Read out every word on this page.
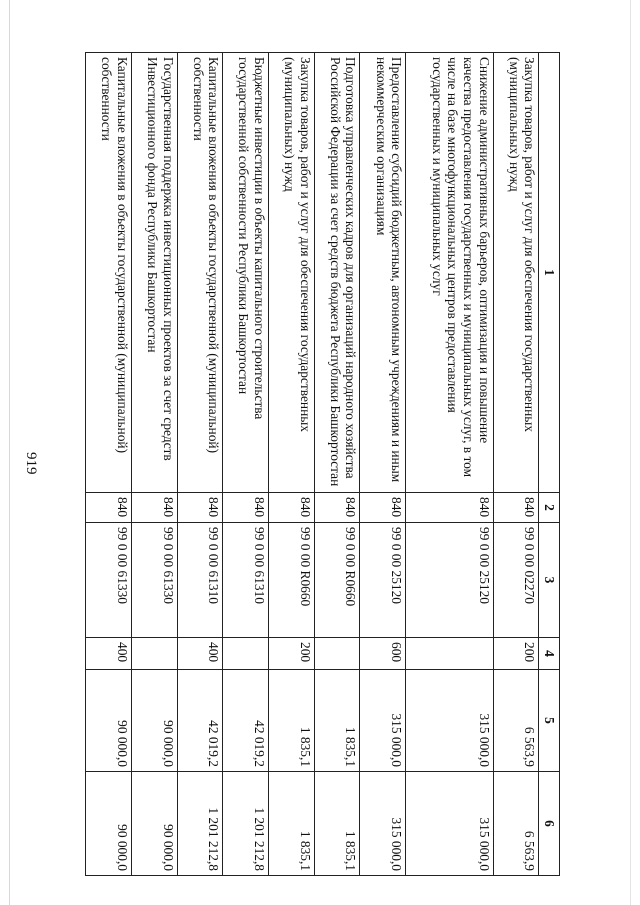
919
1	2	3	4	5	6
Закупка товаров, работ и услуг для обеспечения государственных (муниципальных) нужд	840	99 0 00 02270	200	6 563,9	6 563,9
Снижение административных барьеров, оптимизация и повышение качества предоставления государственных и муниципальных услуг, в том числе на базе многофункциональных центров предоставления государственных и муниципальных услуг	840	99 0 00 25120		315 000,0	315 000,0
Предоставление субсидий бюджетным, автономным учреждениям и иным некоммерческим организациям	840	99 0 00 25120	600	315 000,0	315 000,0
Подготовка управленческих кадров для организаций народного хозяйства Российской Федерации за счет средств бюджета Республики Башкортостан	840	99 0 00 R0660		1 835,1	1 835,1
Закупка товаров, работ и услуг для обеспечения государственных (муниципальных) нужд	840	99 0 00 R0660	200	1 835,1	1 835,1
Бюджетные инвестиции в объекты капитального строительства государственной собственности Республики Башкортостан	840	99 0 00 61310		42 019,2	1 201 212,8
Капитальные вложения в объекты государственной (муниципальной) собственности	840	99 0 00 61310	400	42 019,2	1 201 212,8
Государственная поддержка инвестиционных проектов за счет средств Инвестиционного фонда Республики Башкортостан	840	99 0 00 61330		90 000,0	90 000,0
Капитальные вложения в объекты государственной (муниципальной) собственности	840	99 0 00 61330	400	90 000,0	90 000,0
